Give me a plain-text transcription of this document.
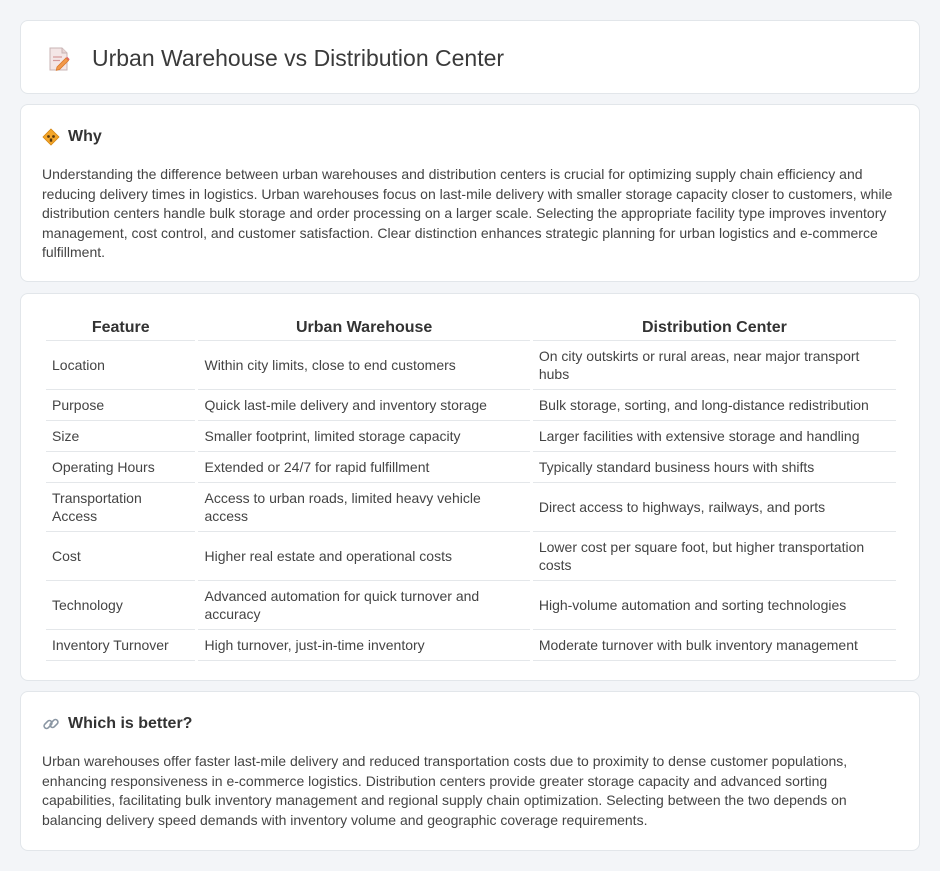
Urban Warehouse vs Distribution Center
Why

Understanding the difference between urban warehouses and distribution centers is crucial for optimizing supply chain efficiency and reducing delivery times in logistics. Urban warehouses focus on last-mile delivery with smaller storage capacity closer to customers, while distribution centers handle bulk storage and order processing on a larger scale. Selecting the appropriate facility type improves inventory management, cost control, and customer satisfaction. Clear distinction enhances strategic planning for urban logistics and e-commerce fulfillment.

Feature	Urban Warehouse	Distribution Center
Location	Within city limits, close to end customers	On city outskirts or rural areas, near major transport hubs
Purpose	Quick last-mile delivery and inventory storage	Bulk storage, sorting, and long-distance redistribution
Size	Smaller footprint, limited storage capacity	Larger facilities with extensive storage and handling
Operating Hours	Extended or 24/7 for rapid fulfillment	Typically standard business hours with shifts
Transportation Access	Access to urban roads, limited heavy vehicle access	Direct access to highways, railways, and ports
Cost	Higher real estate and operational costs	Lower cost per square foot, but higher transportation costs
Technology	Advanced automation for quick turnover and accuracy	High-volume automation and sorting technologies
Inventory Turnover	High turnover, just-in-time inventory	Moderate turnover with bulk inventory management
Which is better?

Urban warehouses offer faster last-mile delivery and reduced transportation costs due to proximity to dense customer populations, enhancing responsiveness in e-commerce logistics. Distribution centers provide greater storage capacity and advanced sorting capabilities, facilitating bulk inventory management and regional supply chain optimization. Selecting between the two depends on balancing delivery speed demands with inventory volume and geographic coverage requirements.
